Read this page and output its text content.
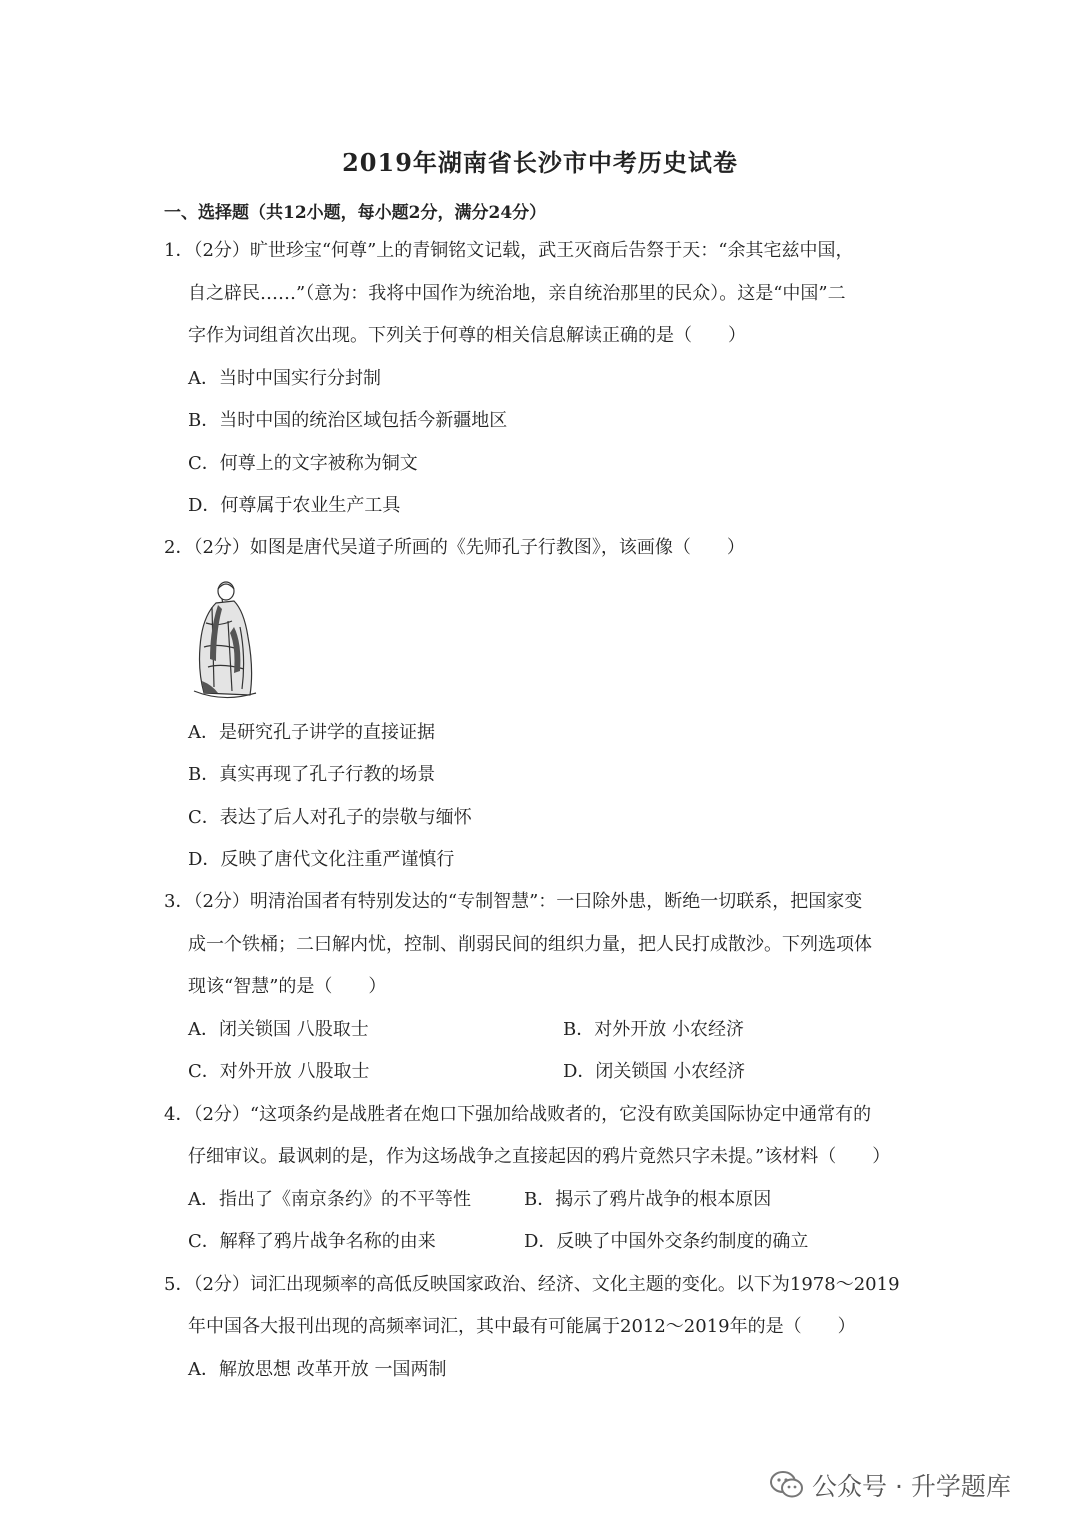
2019年湖南省长沙市中考历史试卷
一、选择题（共12小题，每小题2分，满分24分）
1．（2分）旷世珍宝“何尊”上的青铜铭文记载，武王灭商后告祭于天：“余其宅兹中国，
自之辟民……”（意为：我将中国作为统治地，亲自统治那里的民众）。这是“中国”二
字作为词组首次出现。下列关于何尊的相关信息解读正确的是（　　）
A．当时中国实行分封制
B．当时中国的统治区域包括今新疆地区
C．何尊上的文字被称为铜文
D．何尊属于农业生产工具
2．（2分）如图是唐代吴道子所画的《先师孔子行教图》，该画像（　　）
A．是研究孔子讲学的直接证据
B．真实再现了孔子行教的场景
C．表达了后人对孔子的崇敬与缅怀
D．反映了唐代文化注重严谨慎行
3．（2分）明清治国者有特别发达的“专制智慧”：一曰除外患，断绝一切联系，把国家变
成一个铁桶；二曰解内忧，控制、削弱民间的组织力量，把人民打成散沙。下列选项体
现该“智慧”的是（　　）
A．闭关锁国 八股取士	B．对外开放 小农经济
C．对外开放 八股取士	D．闭关锁国 小农经济
4．（2分）“这项条约是战胜者在炮口下强加给战败者的，它没有欧美国际协定中通常有的
仔细审议。最讽刺的是，作为这场战争之直接起因的鸦片竟然只字未提。”该材料（　　）
A．指出了《南京条约》的不平等性	B．揭示了鸦片战争的根本原因
C．解释了鸦片战争名称的由来	D．反映了中国外交条约制度的确立
5．（2分）词汇出现频率的高低反映国家政治、经济、文化主题的变化。以下为1978～2019
年中国各大报刊出现的高频率词汇，其中最有可能属于2012～2019年的是（　　）
A．解放思想 改革开放 一国两制
公众号 · 升学题库
